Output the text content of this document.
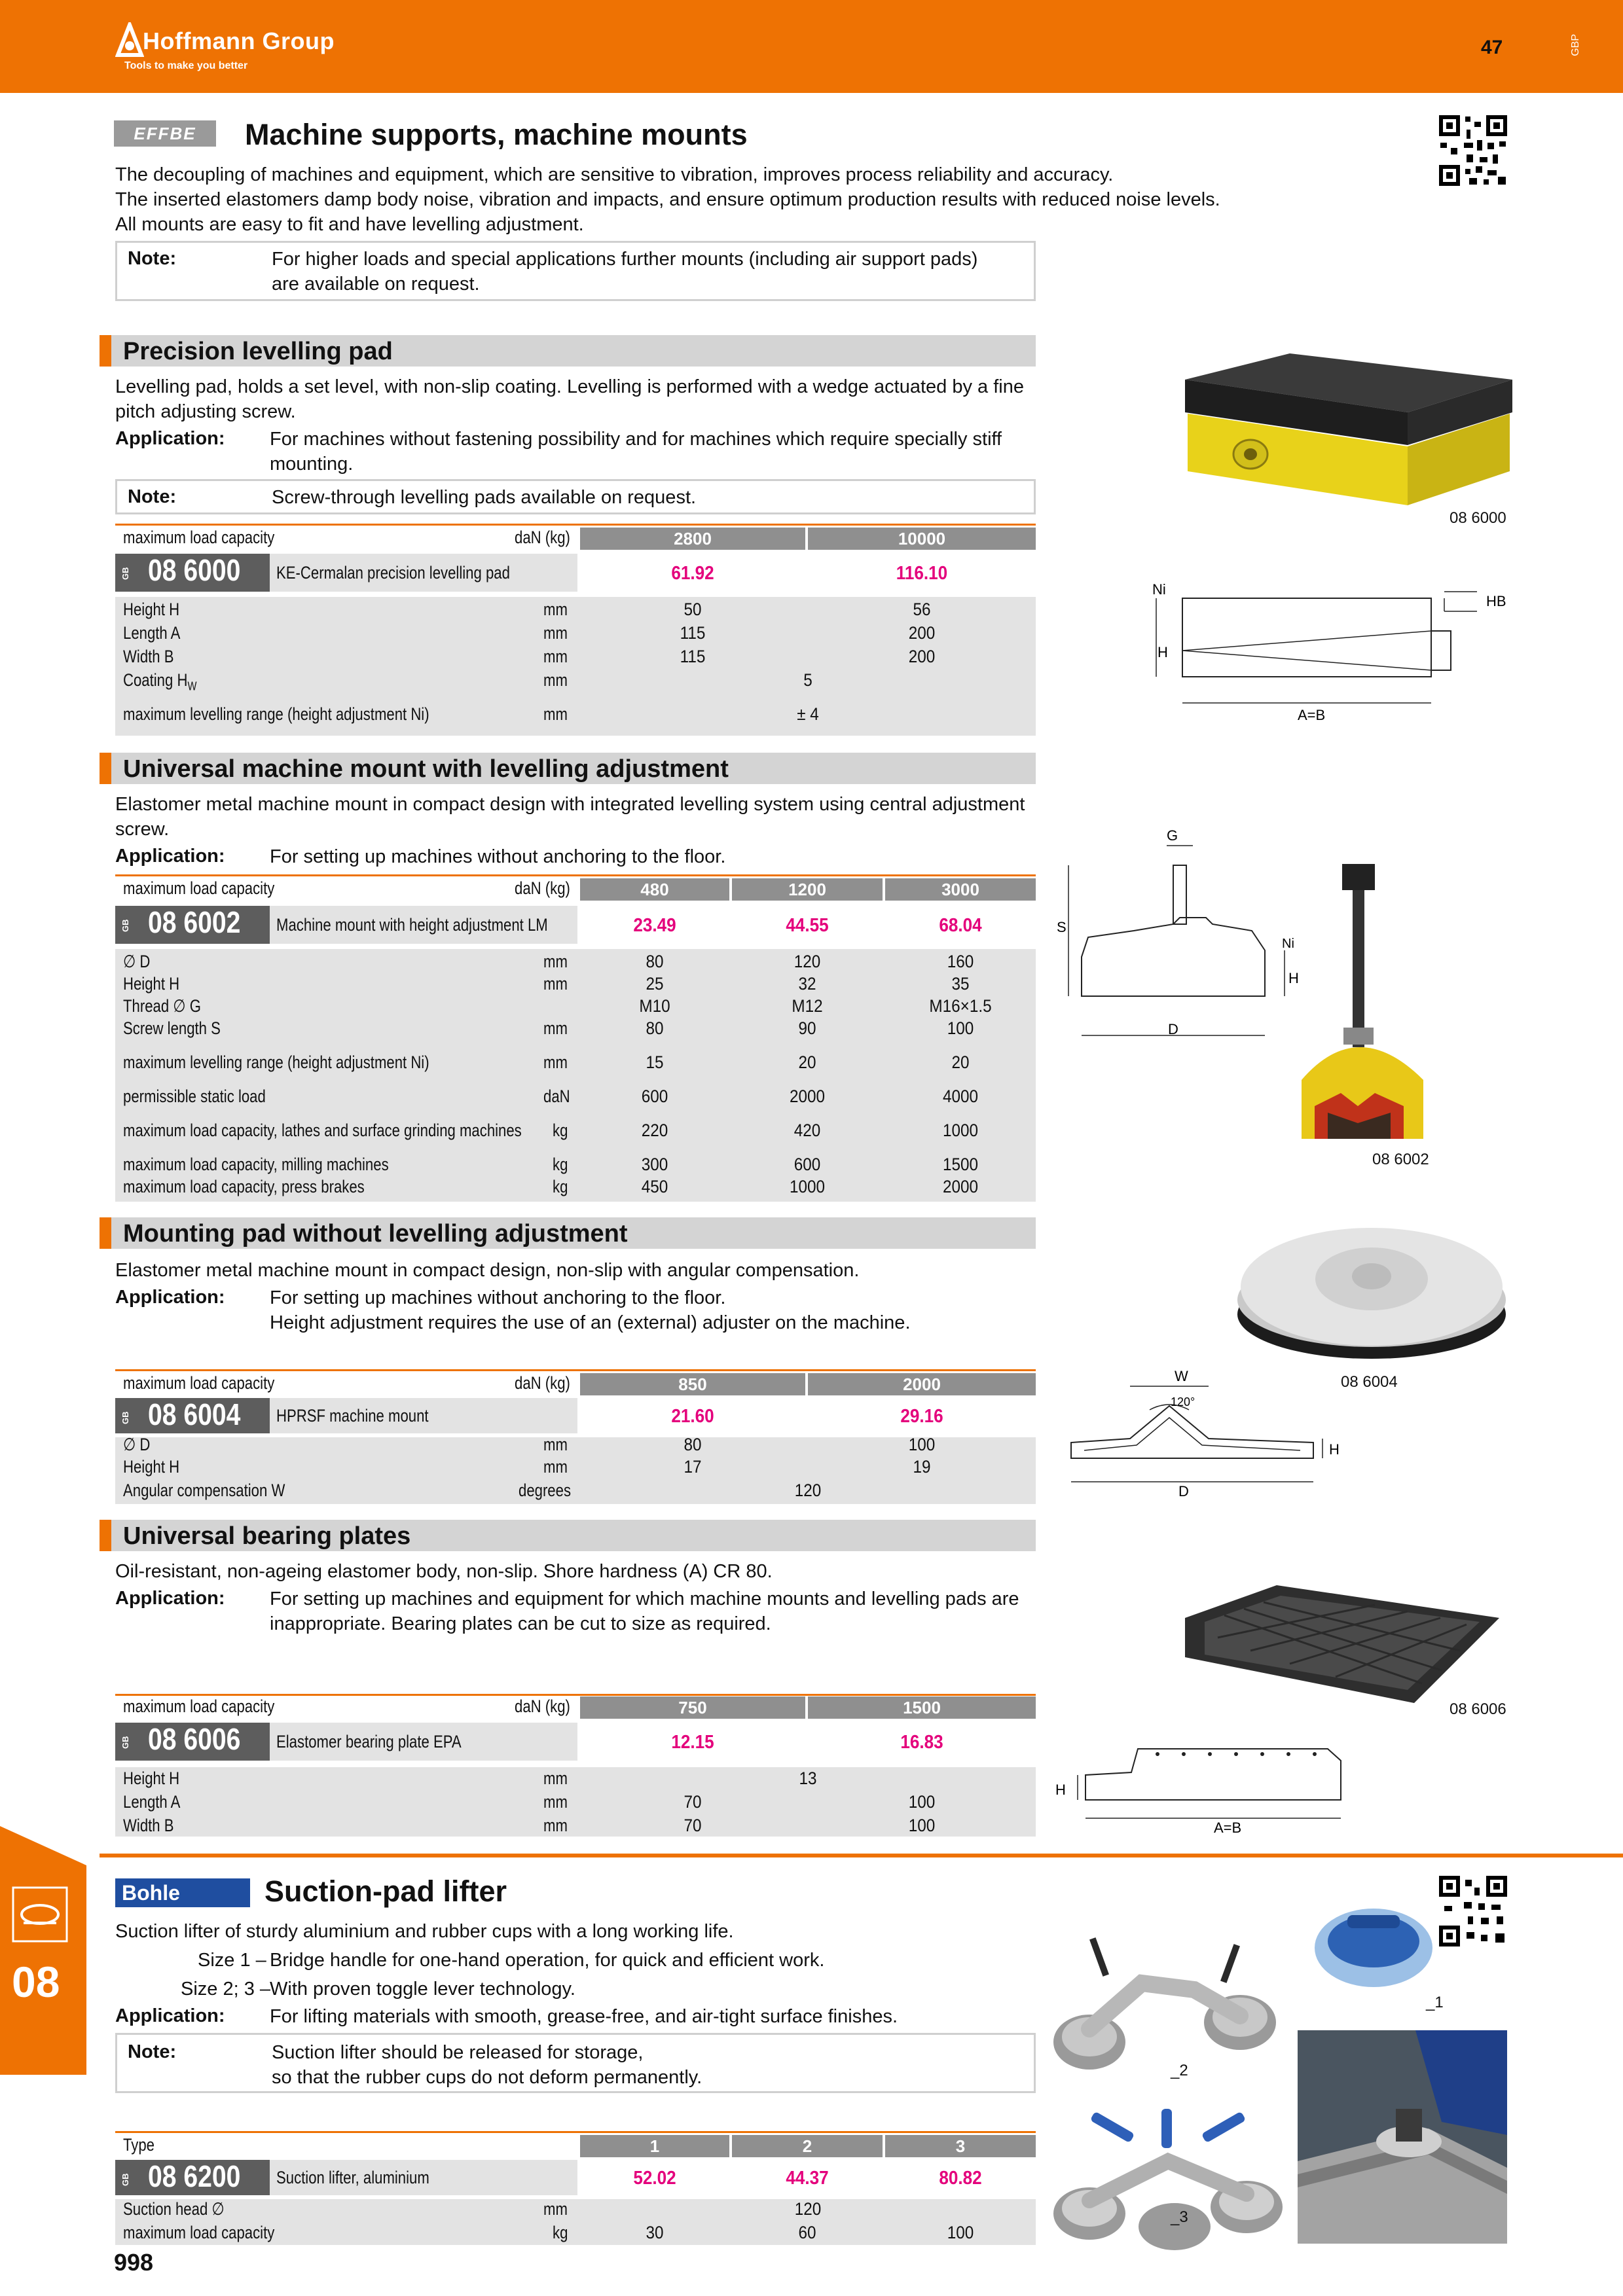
Hoffmann Group
Tools to make you better
47	GBP
EFFBE	Machine supports, machine mounts
The decoupling of machines and equipment, which are sensitive to vibration, improves process reliability and accuracy.
The inserted elastomers damp body noise, vibration and impacts, and ensure optimum production results with reduced noise levels.
All mounts are easy to fit and have levelling adjustment.
Note:	For higher loads and special applications further mounts (including air support pads)
are available on request.
Precision levelling pad
Levelling pad, holds a set level, with non-slip coating. Levelling is performed with a wedge actuated by a fine
pitch adjusting screw.
Application: For machines without fastening possibility and for machines which require specially stiff
mounting.
Note:	Screw-through levelling pads available on request.
maximum load capacity	daN (kg)	2800	10000
GB 08 6000 KE-Cermalan precision levelling pad	61.92	116.10
Height H	mm	50	56
Length A	mm	115	200
Width B	mm	115	200
Coating $H_W$	mm	5
maximum levelling range (height adjustment Ni)	mm	± 4
08 6000
Ni
HB
H
A=B
Universal machine mount with levelling adjustment
Elastomer metal machine mount in compact design with integrated levelling system using central adjustment
screw.
Application: For setting up machines without anchoring to the floor.
maximum load capacity	daN (kg)	480	1200	3000
GB 08 6002 Machine mount with height adjustment LM	23.49	44.55	68.04
∅ D	mm	80	120	160
Height H	mm	25	32	35
Thread ∅ G	M10	M12	M16×1.5
Screw length S	mm	80	90	100
maximum levelling range (height adjustment Ni)	mm	15	20	20
permissible static load	daN	600	2000	4000
maximum load capacity, lathes and surface grinding machines kg	220	420	1000
maximum load capacity, milling machines	kg	300	600	1500
maximum load capacity, press brakes	kg	450	1000	2000
G
S
H
D
Ni
08 6002
Mounting pad without levelling adjustment
Elastomer metal machine mount in compact design, non-slip with angular compensation.
Application: For setting up machines without anchoring to the floor.
Height adjustment requires the use of an (external) adjuster on the machine.
maximum load capacity	daN (kg)	850	2000
GB 08 6004 HPRSF machine mount	21.60	29.16
∅ D	mm	80	100
Height H	mm	17	19
Angular compensation W	degrees	120
08 6004
W
120°
H
D
Universal bearing plates
Oil-resistant, non-ageing elastomer body, non-slip. Shore hardness (A) CR 80.
Application: For setting up machines and equipment for which machine mounts and levelling pads are
inappropriate. Bearing plates can be cut to size as required.
maximum load capacity	daN (kg)	750	1500
GB 08 6006 Elastomer bearing plate EPA	12.15	16.83
Height H	mm	13
Length A	mm	70	100
Width B	mm	70	100
08 6006
H
A=B
08
Bohle	Suction-pad lifter
Suction lifter of sturdy aluminium and rubber cups with a long working life.
Size 1 – Bridge handle for one-hand operation, for quick and efficient work.
Size 2; 3 –
With proven toggle lever technology.
Application: For lifting materials with smooth, grease-free, and air-tight surface finishes.
Note:	Suction lifter should be released for storage,
so that the rubber cups do not deform permanently.
Type	1	2	3
GB 08 6200 Suction lifter, aluminium	52.02	44.37	80.82
Suction head ∅	mm	120
maximum load capacity	kg	30	60	100
_1
_2
_3
998
